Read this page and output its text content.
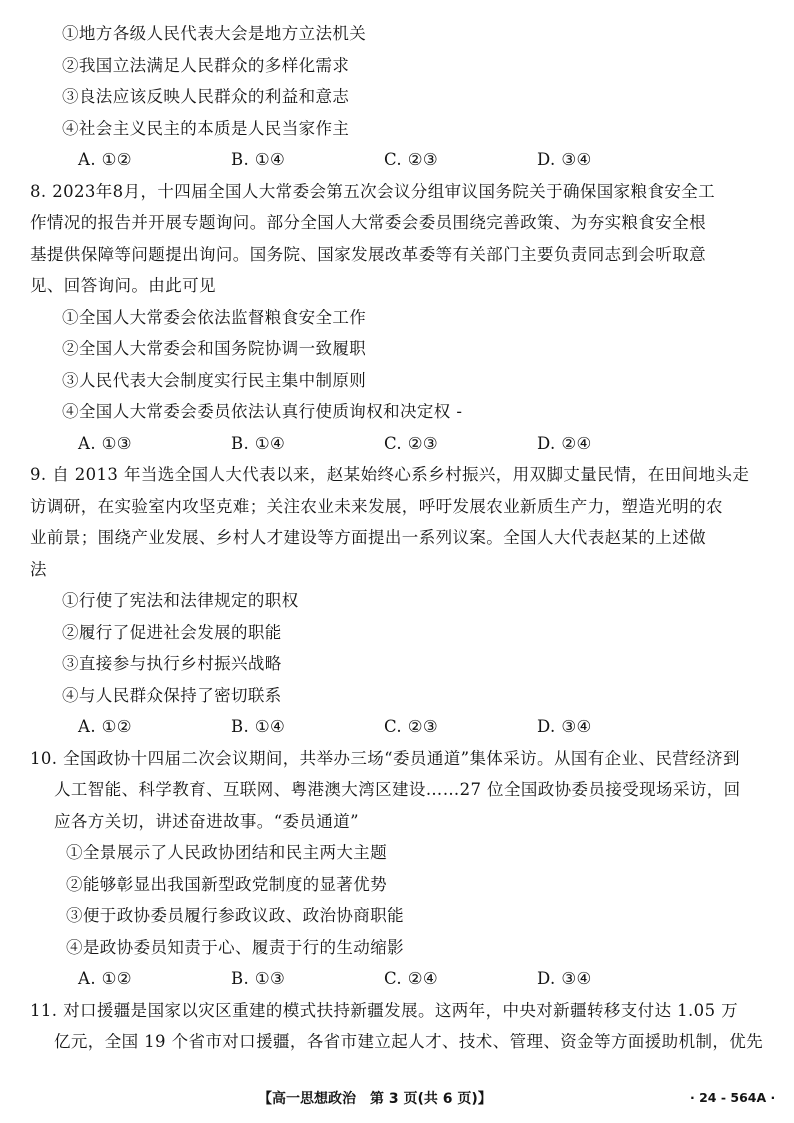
①地方各级人民代表大会是地方立法机关
②我国立法满足人民群众的多样化需求
③良法应该反映人民群众的利益和意志
④社会主义民主的本质是人民当家作主
A. ①②	B. ①④	C. ②③	D. ③④
8. 2023年8月，十四届全国人大常委会第五次会议分组审议国务院关于确保国家粮食安全工
作情况的报告并开展专题询问。部分全国人大常委会委员围绕完善政策、为夯实粮食安全根
基提供保障等问题提出询问。国务院、国家发展改革委等有关部门主要负责同志到会听取意
见、回答询问。由此可见
①全国人大常委会依法监督粮食安全工作
②全国人大常委会和国务院协调一致履职
③人民代表大会制度实行民主集中制原则
④全国人大常委会委员依法认真行使质询权和决定权 -
A. ①③	B. ①④	C. ②③	D. ②④
9. 自 2013 年当选全国人大代表以来，赵某始终心系乡村振兴，用双脚丈量民情，在田间地头走
访调研，在实验室内攻坚克难；关注农业未来发展，呼吁发展农业新质生产力，塑造光明的农
业前景；围绕产业发展、乡村人才建设等方面提出一系列议案。全国人大代表赵某的上述做
法
①行使了宪法和法律规定的职权
②履行了促进社会发展的职能
③直接参与执行乡村振兴战略
④与人民群众保持了密切联系
A. ①②	B. ①④	C. ②③	D. ③④
10. 全国政协十四届二次会议期间，共举办三场“委员通道”集体采访。从国有企业、民营经济到
人工智能、科学教育、互联网、粤港澳大湾区建设……27 位全国政协委员接受现场采访，回
应各方关切，讲述奋进故事。“委员通道”
①全景展示了人民政协团结和民主两大主题
②能够彰显出我国新型政党制度的显著优势
③便于政协委员履行参政议政、政治协商职能
④是政协委员知责于心、履责于行的生动缩影
A. ①②	B. ①③	C. ②④	D. ③④
11. 对口援疆是国家以灾区重建的模式扶持新疆发展。这两年，中央对新疆转移支付达 1.05 万
亿元，全国 19 个省市对口援疆，各省市建立起人才、技术、管理、资金等方面援助机制，优先
【高一思想政治　第 3 页(共 6 页)】	· 24 - 564A ·
